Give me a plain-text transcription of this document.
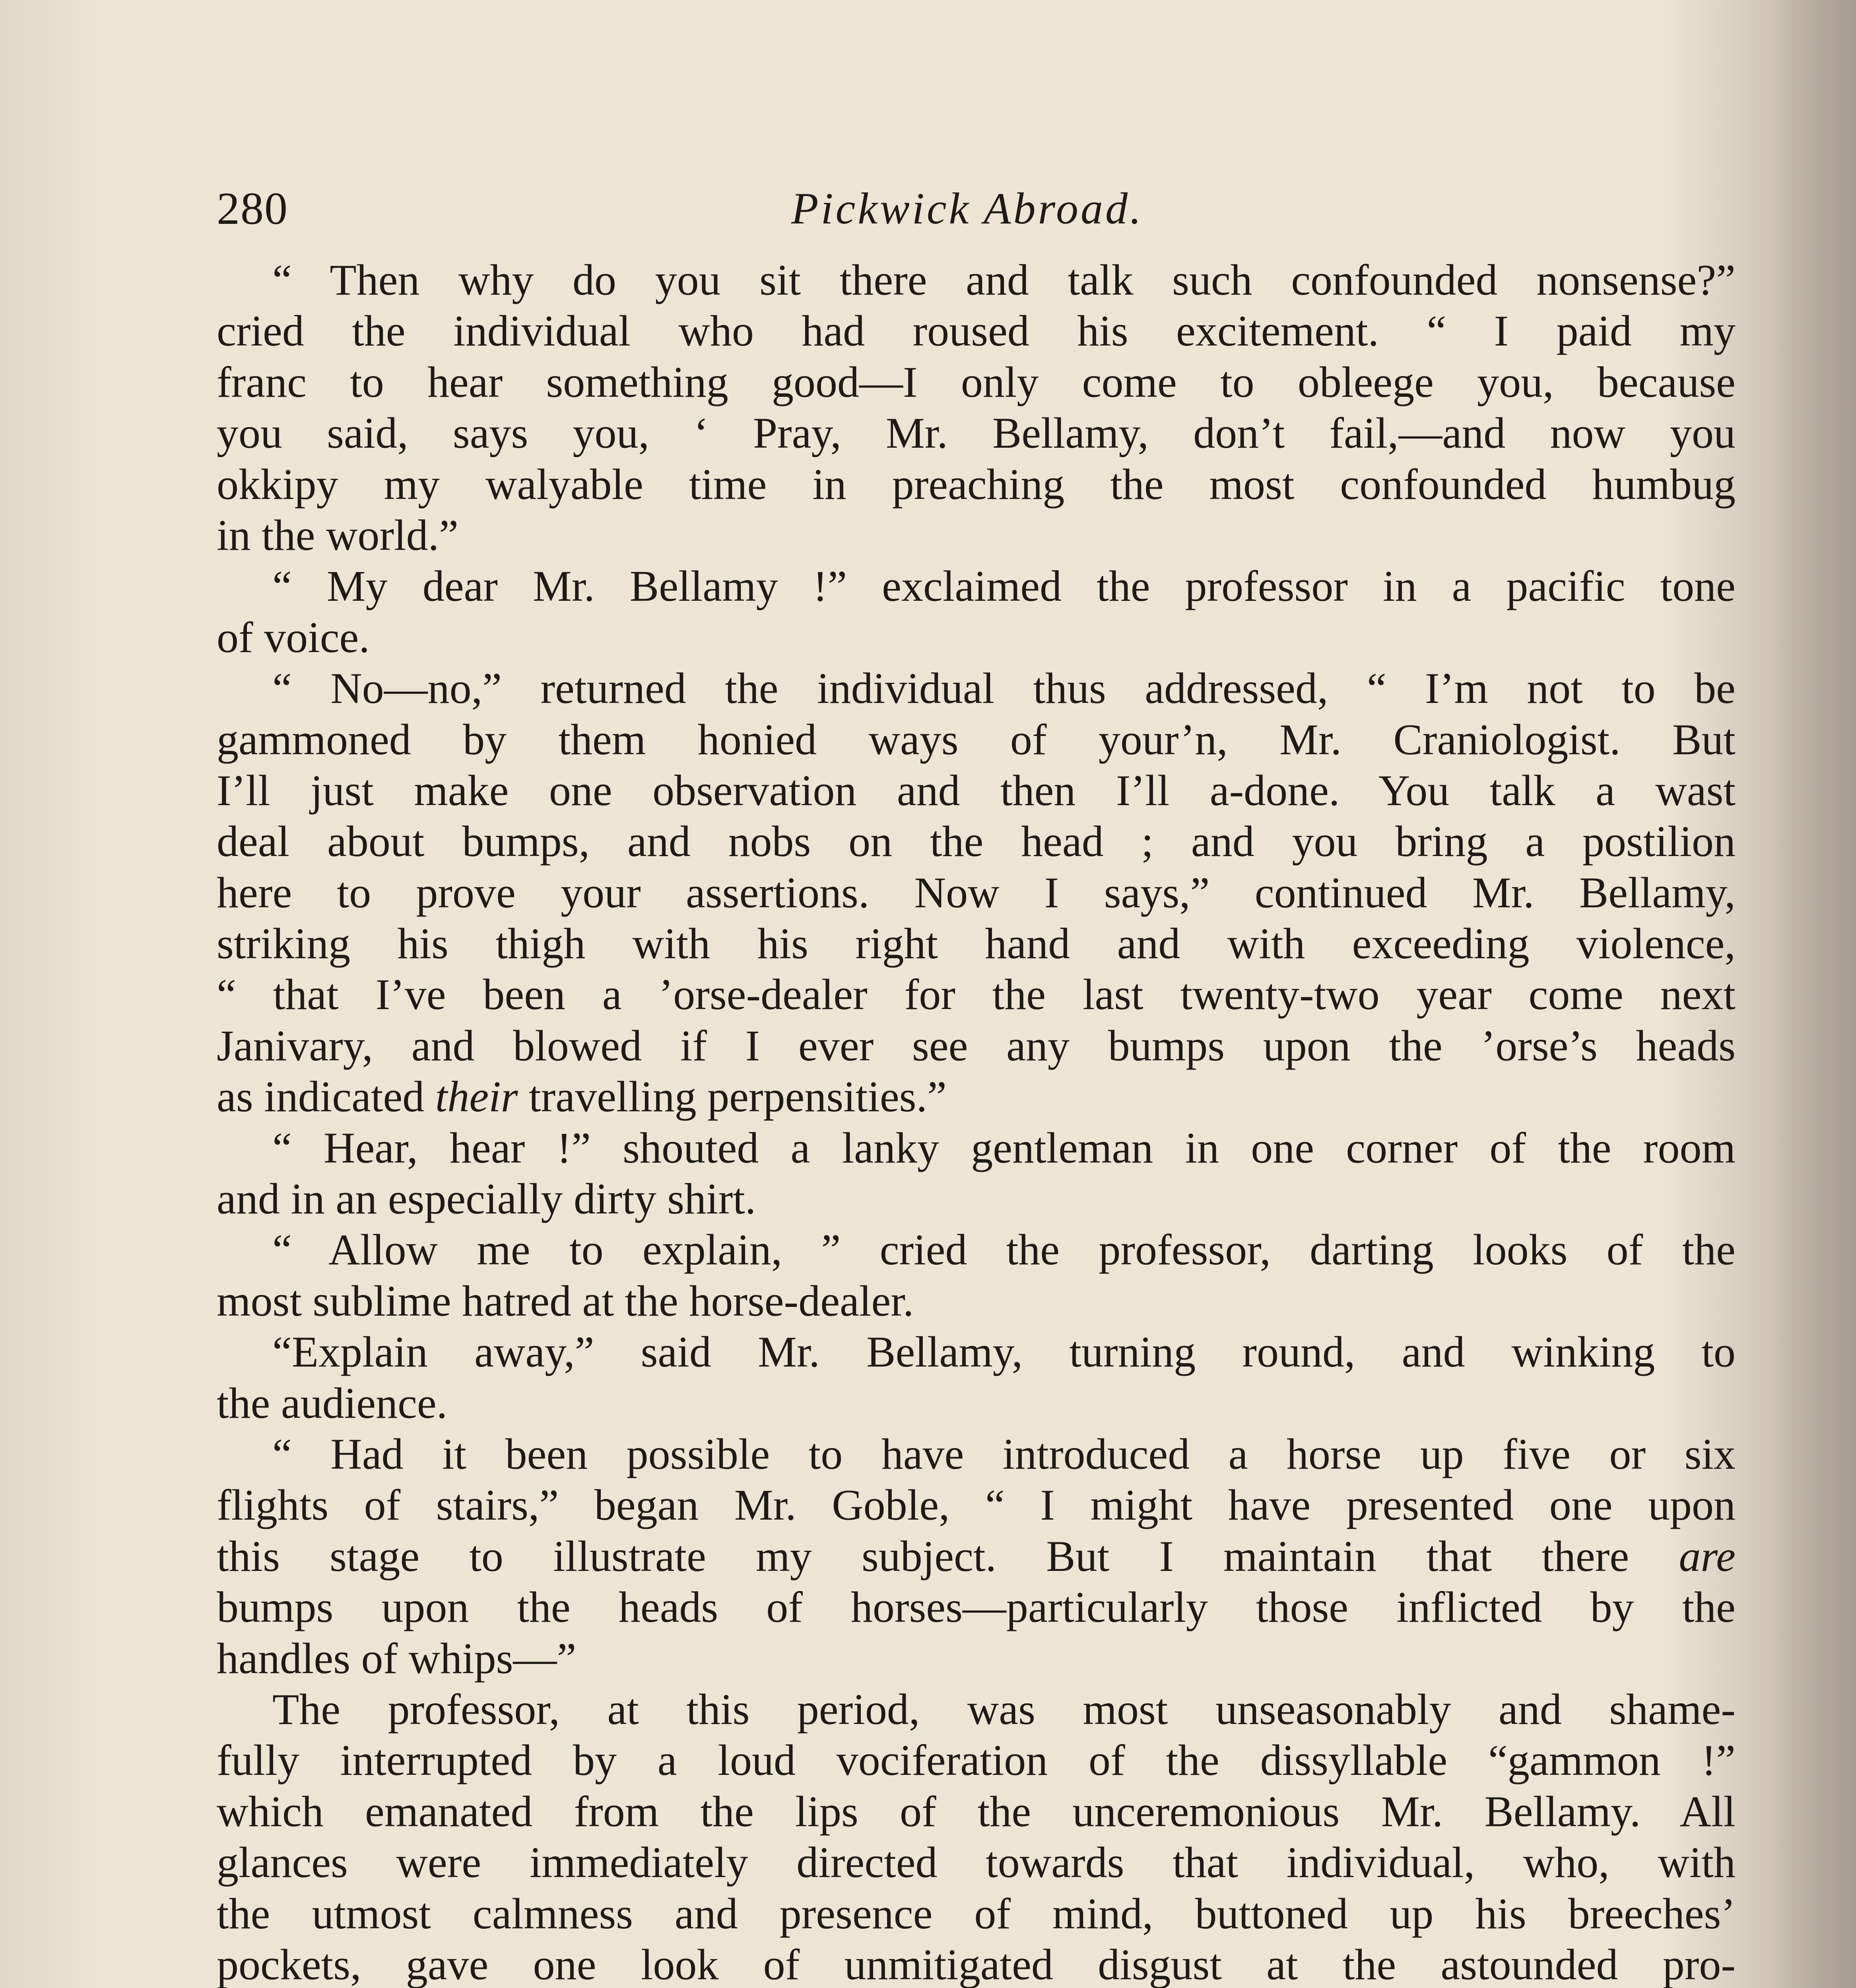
280	Pickwick Abroad.
“ Then why do you sit there and talk such confounded nonsense?”
cried the individual who had roused his excitement. “ I paid my
franc to hear something good—I only come to obleege you, because
you said, says you, ‘ Pray, Mr. Bellamy, don’t fail,—and now you
okkipy my walyable time in preaching the most confounded humbug
in the world.”
“ My dear Mr. Bellamy !” exclaimed the professor in a pacific tone
of voice.
“ No—no,” returned the individual thus addressed, “ I’m not to be
gammoned by them honied ways of your’n, Mr. Craniologist. But
I’ll just make one observation and then I’ll a-done. You talk a wast
deal about bumps, and nobs on the head ; and you bring a postilion
here to prove your assertions. Now I says,” continued Mr. Bellamy,
striking his thigh with his right hand and with exceeding violence,
“ that I’ve been a ’orse-dealer for the last twenty-two year come next
Janivary, and blowed if I ever see any bumps upon the ’orse’s heads
as indicated their travelling perpensities.”
“ Hear, hear !” shouted a lanky gentleman in one corner of the room
and in an especially dirty shirt.
“ Allow me to explain, ” cried the professor, darting looks of the
most sublime hatred at the horse-dealer.
“Explain away,” said Mr. Bellamy, turning round, and winking to
the audience.
“ Had it been possible to have introduced a horse up five or six
flights of stairs,” began Mr. Goble, “ I might have presented one upon
this stage to illustrate my subject. But I maintain that there are
bumps upon the heads of horses—particularly those inflicted by the
handles of whips—”
The professor, at this period, was most unseasonably and shame-
fully interrupted by a loud vociferation of the dissyllable “gammon !”
which emanated from the lips of the unceremonious Mr. Bellamy. All
glances were immediately directed towards that individual, who, with
the utmost calmness and presence of mind, buttoned up his breeches’
pockets, gave one look of unmitigated disgust at the astounded pro-
